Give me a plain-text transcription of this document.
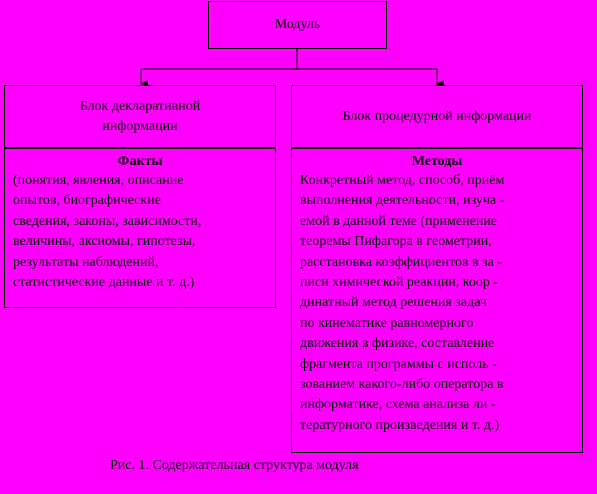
Модуль
Блок декларативной
информации
Факты

(понятия, явления, описание
опытов, биографические
сведения, законы, зависимости,
величины, аксиомы, гипотезы,
результаты наблюдений,
статистические данные и т. д.)

Блок процедурной информации
Методы

Конкретный метод, способ, приём
выполнения деятельности, изуча -
емой в данной теме (применение
теоремы Пифагора в геометрии,
расстановка коэффициентов в за -
писи химической реакции, коор -
динатный метод решения задач
по кинематике равномерного
движения в физике, составление
фрагмента программы с исполь -
зованием какого-либо оператора в
информатике, схема анализа ли -
тературного произведения и т. д.)

Рис. 1. Содержательная структура модуля
